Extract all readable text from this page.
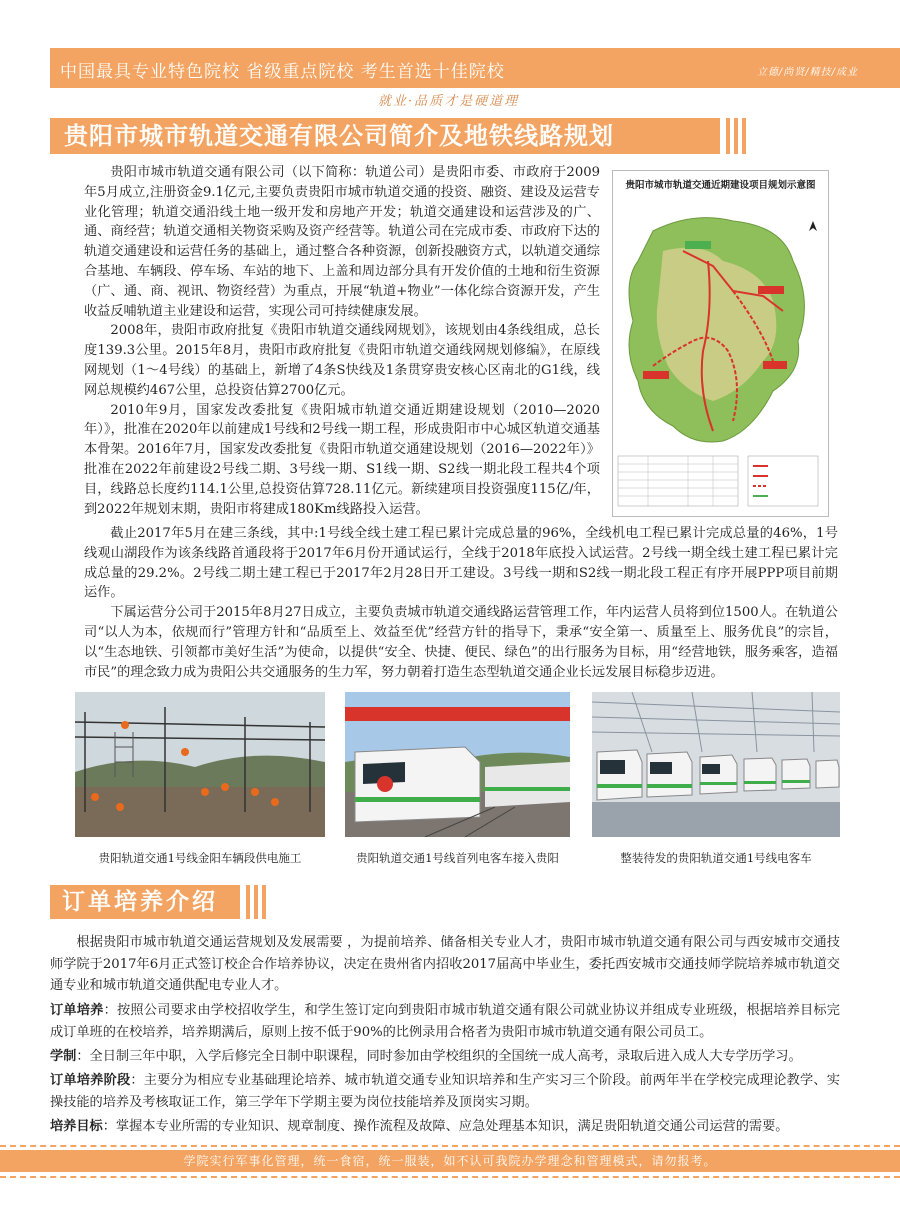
中国最具专业特色院校 省级重点院校 考生首选十佳院校	立德/尚贤/精技/成业
就业·品质才是硬道理
贵阳市城市轨道交通有限公司简介及地铁线路规划

贵阳市城市轨道交通有限公司（以下简称：轨道公司）是贵阳市委、市政府于2009年5月成立,注册资金9.1亿元,主要负责贵阳市城市轨道交通的投资、融资、建设及运营专业化管理；轨道交通沿线土地一级开发和房地产开发；轨道交通建设和运营涉及的广、通、商经营；轨道交通相关物资采购及资产经营等。轨道公司在完成市委、市政府下达的轨道交通建设和运营任务的基础上，通过整合各种资源，创新投融资方式，以轨道交通综合基地、车辆段、停车场、车站的地下、上盖和周边部分具有开发价值的土地和衍生资源（广、通、商、视讯、物资经营）为重点，开展“轨道+物业”一体化综合资源开发，产生收益反哺轨道主业建设和运营，实现公司可持续健康发展。

2008年，贵阳市政府批复《贵阳市轨道交通线网规划》，该规划由4条线组成，总长度139.3公里。2015年8月，贵阳市政府批复《贵阳市轨道交通线网规划修编》，在原线网规划（1～4号线）的基础上，新增了4条S快线及1条贯穿贵安核心区南北的G1线，线网总规模约467公里，总投资估算2700亿元。

2010年9月，国家发改委批复《贵阳城市轨道交通近期建设规划（2010—2020年）》，批准在2020年以前建成1号线和2号线一期工程，形成贵阳市中心城区轨道交通基本骨架。2016年7月，国家发改委批复《贵阳市轨道交通建设规划（2016—2022年）》批准在2022年前建设2号线二期、3号线一期、S1线一期、S2线一期北段工程共4个项目，线路总长度约114.1公里,总投资估算728.11亿元。新续建项目投资强度115亿/年，到2022年规划末期，贵阳市将建成180Km线路投入运营。

贵阳市城市轨道交通近期建设项目规划示意图

截止2017年5月在建三条线，其中:1号线全线土建工程已累计完成总量的96%，全线机电工程已累计完成总量的46%，1号线观山湖段作为该条线路首通段将于2017年6月份开通试运行，全线于2018年底投入试运营。2号线一期全线土建工程已累计完成总量的29.2%。2号线二期土建工程已于2017年2月28日开工建设。3号线一期和S2线一期北段工程正有序开展PPP项目前期运作。

下属运营分公司于2015年8月27日成立，主要负责城市轨道交通线路运营管理工作，年内运营人员将到位1500人。在轨道公司“以人为本，依规而行”管理方针和“品质至上、效益至优”经营方针的指导下，秉承“安全第一、质量至上、服务优良”的宗旨，以“生态地铁、引领都市美好生活”为使命，以提供“安全、快捷、便民、绿色”的出行服务为目标，用“经营地铁，服务乘客，造福市民”的理念致力成为贵阳公共交通服务的生力军，努力朝着打造生态型轨道交通企业长远发展目标稳步迈进。

贵阳轨道交通1号线金阳车辆段供电施工	贵阳轨道交通1号线首列电客车接入贵阳	整装待发的贵阳轨道交通1号线电客车
订单培养介绍

根据贵阳市城市轨道交通运营规划及发展需要 ，为提前培养、储备相关专业人才，贵阳市城市轨道交通有限公司与西安城市交通技师学院于2017年6月正式签订校企合作培养协议，决定在贵州省内招收2017届高中毕业生，委托西安城市交通技师学院培养城市轨道交通专业和城市轨道交通供配电专业人才。

订单培养：按照公司要求由学校招收学生，和学生签订定向到贵阳市城市轨道交通有限公司就业协议并组成专业班级，根据培养目标完成订单班的在校培养，培养期满后，原则上按不低于90%的比例录用合格者为贵阳市城市轨道交通有限公司员工。

学制：全日制三年中职，入学后修完全日制中职课程，同时参加由学校组织的全国统一成人高考，录取后进入成人大专学历学习。

订单培养阶段：主要分为相应专业基础理论培养、城市轨道交通专业知识培养和生产实习三个阶段。前两年半在学校完成理论教学、实操技能的培养及考核取证工作，第三学年下学期主要为岗位技能培养及顶岗实习期。

培养目标：掌握本专业所需的专业知识、规章制度、操作流程及故障、应急处理基本知识，满足贵阳轨道交通公司运营的需要。

学院实行军事化管理，统一食宿，统一服装，如不认可我院办学理念和管理模式，请勿报考。
